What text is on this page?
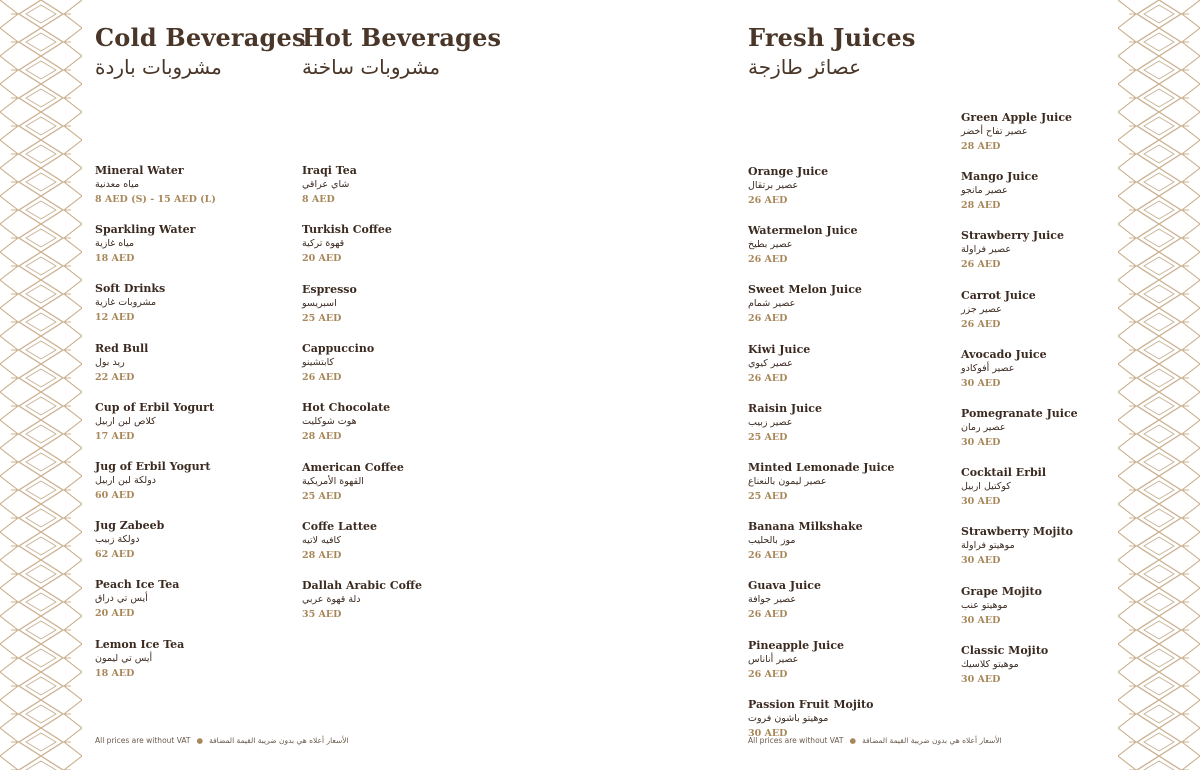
Cold Beverages
مشروبات باردة
Mineral Water
مياه معدنية
8 AED (S) - 15 AED (L)
Sparkling Water
مياه غازية
18 AED
Soft Drinks
مشروبات غازية
12 AED
Red Bull
ريد بول
22 AED
Cup of Erbil Yogurt
كلاص لبن اربيل
17 AED
Jug of Erbil Yogurt
دولكة لبن اربيل
60 AED
Jug Zabeeb
دولكة زبيب
62 AED
Peach Ice Tea
أيس تي دراق
20 AED
Lemon Ice Tea
أيس تي ليمون
18 AED
Hot Beverages
مشروبات ساخنة
Iraqi Tea
شاي عراقي
8 AED
Turkish Coffee
قهوة تركية
20 AED
Espresso
اسبريسو
25 AED
Cappuccino
كابتشينو
26 AED
Hot Chocolate
هوت شوكليت
28 AED
American Coffee
القهوة الأمريكية
25 AED
Coffe Lattee
كافيه لاتيه
28 AED
Dallah Arabic Coffe
دلة قهوة عربي
35 AED
Fresh Juices
عصائر طازجة
Orange Juice
عصير برتقال
26 AED
Watermelon Juice
عصير بطيخ
26 AED
Sweet Melon Juice
عصير شمام
26 AED
Kiwi Juice
عصير كيوي
26 AED
Raisin Juice
عصير زبيب
25 AED
Minted Lemonade Juice
عصير ليمون بالنعناع
25 AED
Banana Milkshake
موز بالحليب
26 AED
Guava Juice
عصير جوافة
26 AED
Pineapple Juice
عصير أناناس
26 AED
Passion Fruit Mojito
موهيتو باشون فروت
30 AED
Green Apple Juice
عصير تفاح أخضر
28 AED
Mango Juice
عصير مانجو
28 AED
Strawberry Juice
عصير فراولة
26 AED
Carrot Juice
عصير جزر
26 AED
Avocado Juice
عصير أفوكادو
30 AED
Pomegranate Juice
عصير رمان
30 AED
Cocktail Erbil
كوكتيل اربيل
30 AED
Strawberry Mojito
موهيتو فراولة
30 AED
Grape Mojito
موهيتو عنب
30 AED
Classic Mojito
موهيتو كلاسيك
30 AED
All prices are without VAT ● الأسعار أعلاه هي بدون ضريبة القيمة المضافة	All prices are without VAT ● الأسعار أعلاه هي بدون ضريبة القيمة المضافة
